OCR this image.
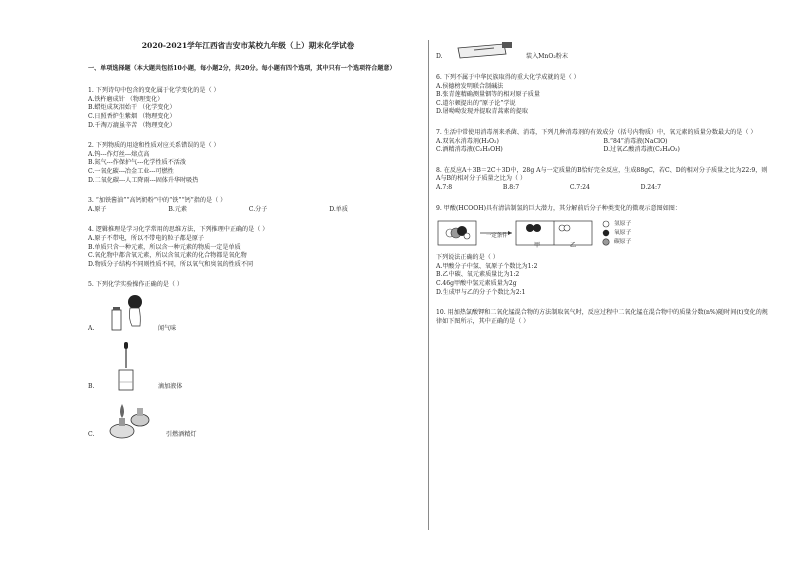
2020-2021学年江西省吉安市某校九年级（上）期末化学试卷
一、单项选择题（本大题共包括10小题，每小题2分，共20分。每小题有四个选项，其中只有一个选项符合题意）

1. 下列诗句中包含的变化属于化学变化的是（ ）

A.铁杵磨成针 （物理变化）

B.蜡炬成灰泪始干 （化学变化）

C.日照香炉生紫烟 （物理变化）

D.千淘万漉虽辛苦 （物理变化）

2. 下列物质的用途和性质对应关系错误的是（ ）

A.钨---作灯丝---熔点高

B.氮气---作保护气---化学性质不活泼

C.一氧化碳---冶金工业---可燃性

D.二氧化碳---人工降雨---固体升华时吸热

3. “加铁酱油”“高钙奶粉”中的“铁”“钙”指的是（ ）

A.原子	B.元素	C.分子	D.单质

4. 逻辑推理是学习化学常用的思维方法，下列推理中正确的是（ ）

A.原子不带电，所以不带电的粒子都是原子

B.单质只含一种元素，所以含一种元素的物质一定是单质

C.氧化物中都含氧元素，所以含氧元素的化合物都是氧化物

D.物质分子结构不同则性质不同，所以氧气和臭氧的性质不同

5. 下列化学实验操作正确的是（ ）

A.	闻气味
B.	滴加液体
C.	引燃酒精灯
D.	装入MnO₂粉末

6. 下列不属于中华民族取得的重大化学成就的是（ ）

A.侯德榜发明联合制碱法

B.张青莲精确测量铟等的相对原子质量

C.道尔顿提出的“原子论”学说

D.屠呦呦发现并提取青蒿素的提取

7. 生活中常使用消毒剂来杀菌、消毒，下列几种消毒剂的有效成分（括号内物质）中，氧元素的质量分数最大的是（ ）

A.双氧水消毒剂(H₂O₂)	B.“84”消毒液(NaClO)
C.酒精消毒液(C₂H₅OH)	D.过氧乙酸消毒液(C₂H₄O₃)

8. 在反应A＋3B＝2C＋3D中，28g A与一定质量的B恰好完全反应，生成88gC，若C、D的相对分子质量之比为22:9，则A与B的相对分子质量之比为（ ）

A.7:8	B.8:7	C.7:24	D.24:7

9. 甲酸(HCOOH)具有清洁制氢的巨大潜力，其分解前后分子种类变化的微观示意图如图：

氢原子
氧原子
碳原子
一定条件
甲	乙

下列说法正确的是（ ）

A.甲酸分子中氢、氧原子个数比为1:2

B.乙中碳、氧元素质量比为1:2

C.46g甲酸中氢元素质量为2g

D.生成甲与乙的分子个数比为2:1

10. 用加热氯酸钾和二氧化锰混合物的方法制取氧气时，反应过程中二氧化锰在混合物中的质量分数(n%)随时间(t)变化的规律如下图所示，其中正确的是（ ）
